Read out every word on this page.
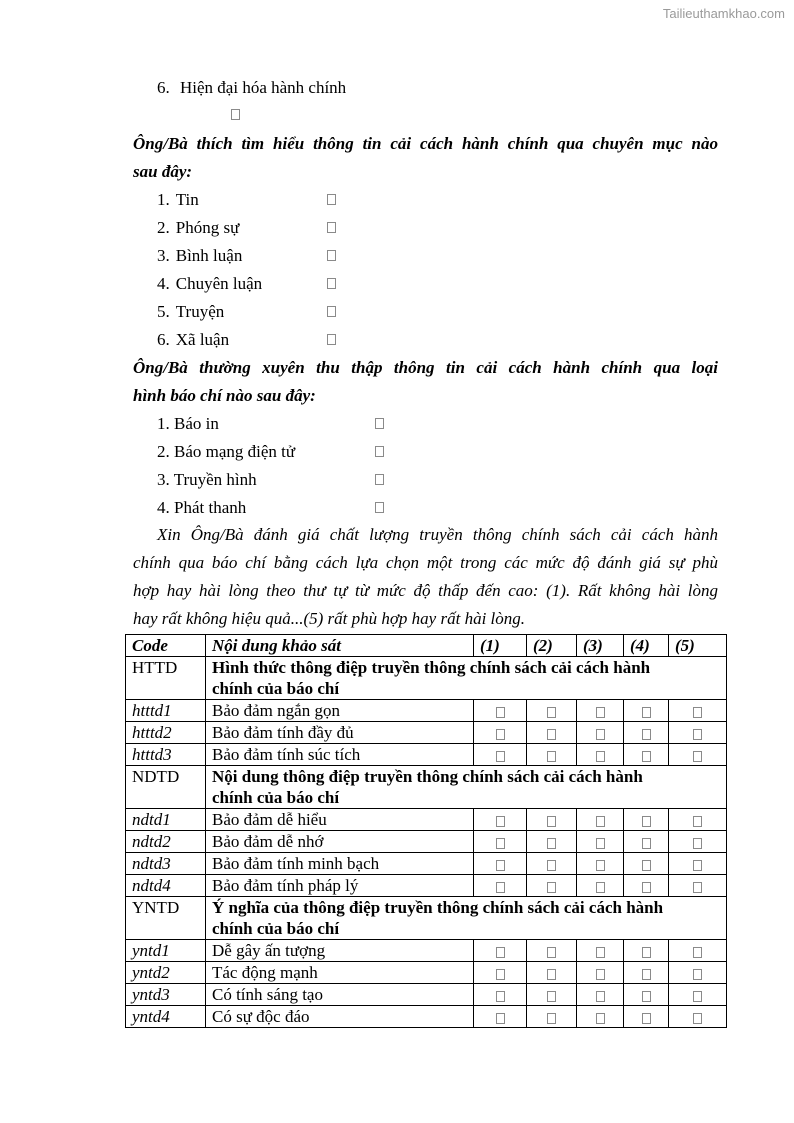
Tailieuthamkhao.com
6. Hiện đại hóa hành chính
Ông/Bà thích tìm hiểu thông tin cải cách hành chính qua chuyên mục nào
sau đây:
1. Tin
2. Phóng sự
3. Bình luận
4. Chuyên luận
5. Truyện
6. Xã luận
Ông/Bà thường xuyên thu thập thông tin cải cách hành chính qua loại
hình báo chí nào sau đây:
1. Báo in
2. Báo mạng điện tử
3. Truyền hình
4. Phát thanh
Xin Ông/Bà đánh giá chất lượng truyền thông chính sách cải cách hành
chính qua báo chí bằng cách lựa chọn một trong các mức độ đánh giá sự phù
hợp hay hài lòng theo thư tự từ mức độ thấp đến cao: (1). Rất không hài lòng
hay rất không hiệu quả...(5) rất phù hợp hay rất hài lòng.
Code	Nội dung khảo sát	(1)	(2)	(3)	(4)	(5)
HTTD	Hình thức thông điệp truyền thông chính sách cải cách hành
chính của báo chí					
htttd1	Bảo đảm ngắn gọn					
htttd2	Bảo đảm tính đầy đủ					
htttd3	Bảo đảm tính súc tích					
NDTD	Nội dung thông điệp truyền thông chính sách cải cách hành
chính của báo chí					
ndtd1	Bảo đảm dễ hiểu					
ndtd2	Bảo đảm dễ nhớ					
ndtd3	Bảo đảm tính minh bạch					
ndtd4	Bảo đảm tính pháp lý					
YNTD	Ý nghĩa của thông điệp truyền thông chính sách cải cách hành
chính của báo chí					
yntd1	Dễ gây ấn tượng					
yntd2	Tác động mạnh					
yntd3	Có tính sáng tạo					
yntd4	Có sự độc đáo					
